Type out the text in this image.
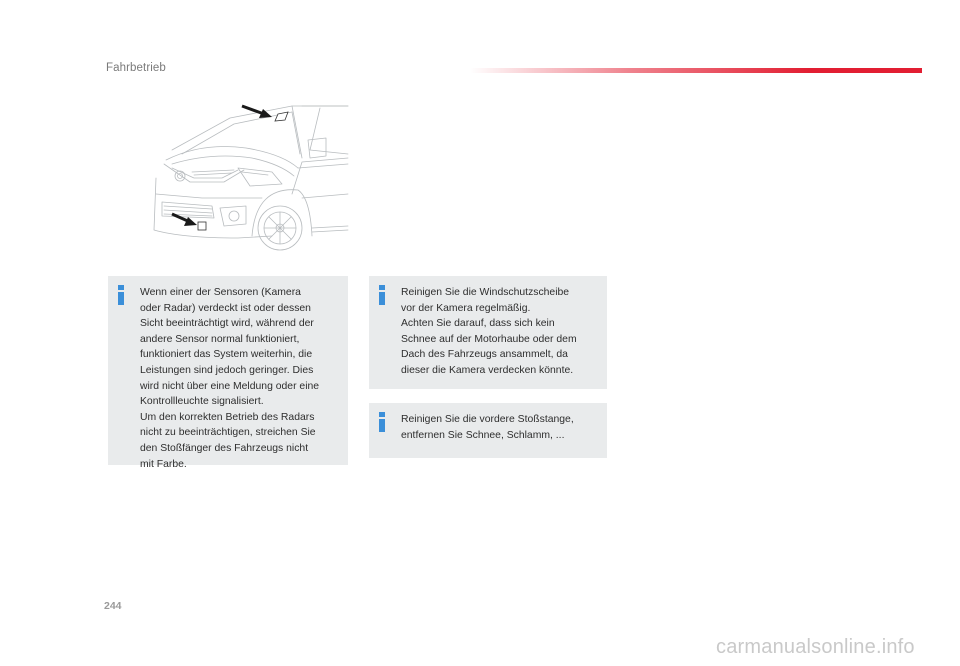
Fahrbetrieb
Wenn einer der Sensoren (Kamera
oder Radar) verdeckt ist oder dessen
Sicht beeinträchtigt wird, während der
andere Sensor normal funktioniert,
funktioniert das System weiterhin, die
Leistungen sind jedoch geringer. Dies
wird nicht über eine Meldung oder eine
Kontrollleuchte signalisiert.
Um den korrekten Betrieb des Radars
nicht zu beeinträchtigen, streichen Sie
den Stoßfänger des Fahrzeugs nicht
mit Farbe.
Reinigen Sie die Windschutzscheibe
vor der Kamera regelmäßig.
Achten Sie darauf, dass sich kein
Schnee auf der Motorhaube oder dem
Dach des Fahrzeugs ansammelt, da
dieser die Kamera verdecken könnte.
Reinigen Sie die vordere Stoßstange,
entfernen Sie Schnee, Schlamm, ...
244
carmanualsonline.info
